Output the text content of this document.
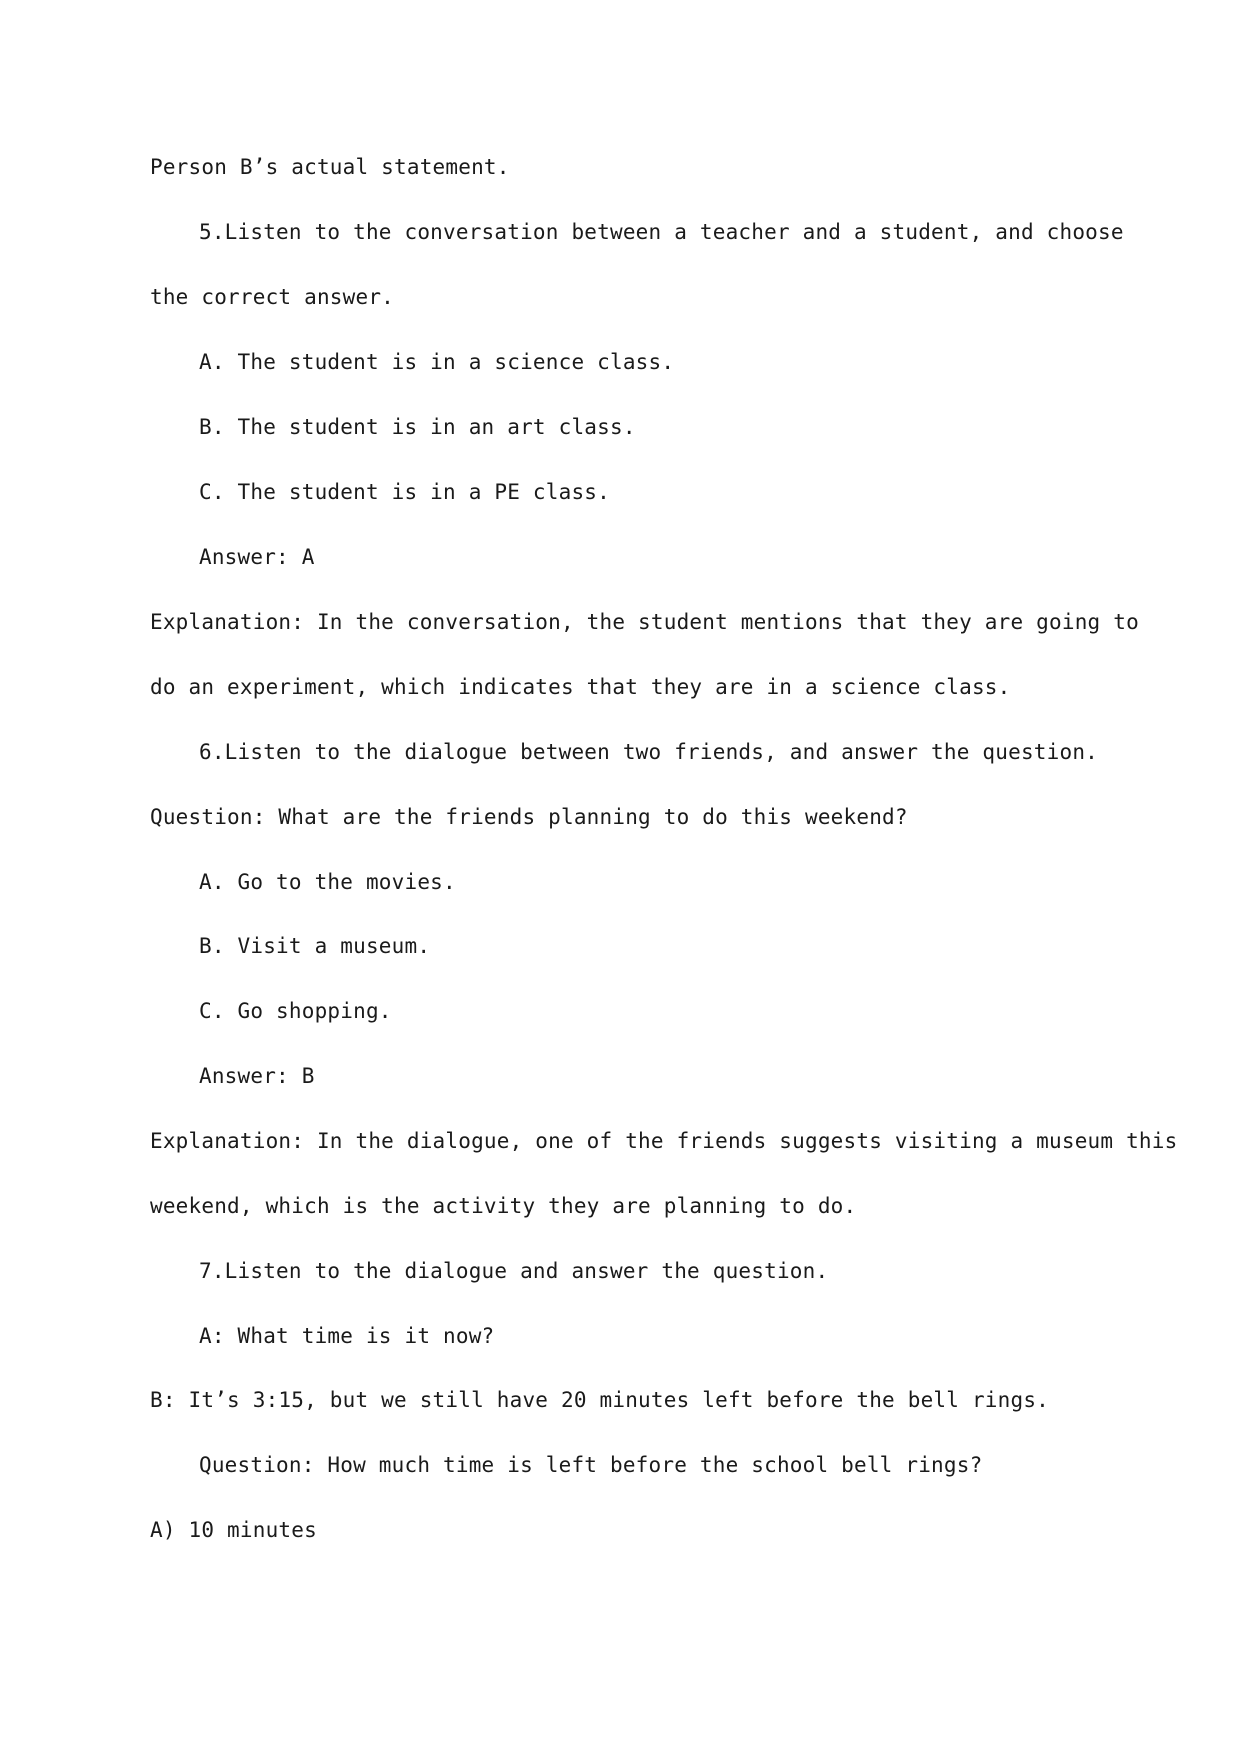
Person B’s actual statement.
5.Listen to the conversation between a teacher and a student, and choose
the correct answer.
A. The student is in a science class.
B. The student is in an art class.
C. The student is in a PE class.
Answer: A
Explanation: In the conversation, the student mentions that they are going to
do an experiment, which indicates that they are in a science class.
6.Listen to the dialogue between two friends, and answer the question.
Question: What are the friends planning to do this weekend?
A. Go to the movies.
B. Visit a museum.
C. Go shopping.
Answer: B
Explanation: In the dialogue, one of the friends suggests visiting a museum this
weekend, which is the activity they are planning to do.
7.Listen to the dialogue and answer the question.
A: What time is it now?
B: It’s 3:15, but we still have 20 minutes left before the bell rings.
Question: How much time is left before the school bell rings?
A) 10 minutes
